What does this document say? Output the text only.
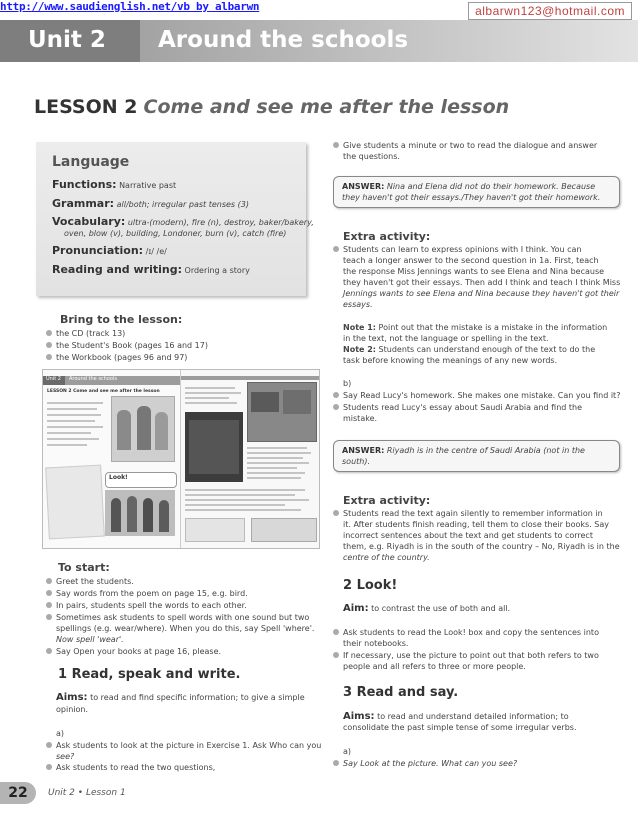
http://www.saudienglish.net/vb by albarwn	albarwn123@hotmail.com
Unit 2 Around the schools
LESSON 2 Come and see me after the lesson
Language
Functions: Narrative past
Grammar: all/both; irregular past tenses (3)
Vocabulary: ultra-(modern), fire (n), destroy, baker/bakery,
oven, blow (v), building, Londoner, burn (v), catch (fire)
Pronunciation: /ɪ/ /e/
Reading and writing: Ordering a story
Bring to the lesson:
the CD (track 13)
the Student's Book (pages 16 and 17)
the Workbook (pages 96 and 97)
Unit 2 Around the schools
LESSON 2 Come and see me after the lesson
Look!
To start:
Greet the students.
Say words from the poem on page 15, e.g. bird.
In pairs, students spell the words to each other.
Sometimes ask students to spell words with one sound but two
spellings (e.g. wear/where). When you do this, say Spell 'where'.
Now spell 'wear'.
Say Open your books at page 16, please.
1 Read, speak and write.
Aims: to read and find specific information; to give a simple
opinion.
a)
Ask students to look at the picture in Exercise 1. Ask Who can you
see?
Ask students to read the two questions,
Give students a minute or two to read the dialogue and answer
the questions.
ANSWER: Nina and Elena did not do their homework. Because
they haven't got their essays./They haven't got their homework.
Extra activity:
Students can learn to express opinions with I think. You can
teach a longer answer to the second question in 1a. First, teach
the response Miss Jennings wants to see Elena and Nina because
they haven't got their essays. Then add I think and teach I think Miss
Jennings wants to see Elena and Nina because they haven't got their
essays.
Note 1: Point out that the mistake is a mistake in the information
in the text, not the language or spelling in the text.
Note 2: Students can understand enough of the text to do the
task before knowing the meanings of any new words.
b)
Say Read Lucy's homework. She makes one mistake. Can you find it?
Students read Lucy's essay about Saudi Arabia and find the
mistake.
ANSWER: Riyadh is in the centre of Saudi Arabia (not in the
south).
Extra activity:
Students read the text again silently to remember information in
it. After students finish reading, tell them to close their books. Say
incorrect sentences about the text and get students to correct
them, e.g. Riyadh is in the south of the country – No, Riyadh is in the
centre of the country.
2 Look!
Aim: to contrast the use of both and all.
Ask students to read the Look! box and copy the sentences into
their notebooks.
If necessary, use the picture to point out that both refers to two
people and all refers to three or more people.
3 Read and say.
Aims: to read and understand detailed information; to
consolidate the past simple tense of some irregular verbs.
a)
Say Look at the picture. What can you see?
22	Unit 2 • Lesson 1
